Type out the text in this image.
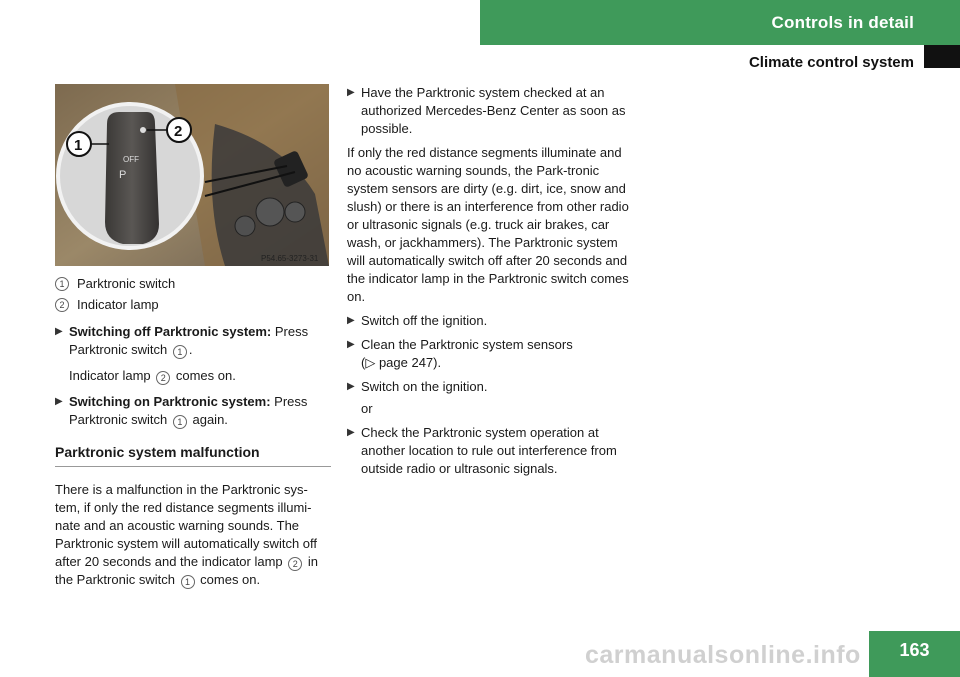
Controls in detail
Climate control system
OFF
P
1
2
P54.65-3273-31
1 Parktronic switch
2 Indicator lamp

▶ Switching off Parktronic system: Press Parktronic switch 1 .

Indicator lamp 2 comes on.

▶ Switching on Parktronic system: Press Parktronic switch 1 again.

Parktronic system malfunction

There is a malfunction in the Parktronic sys-tem, if only the red distance segments illumi-nate and an acoustic warning sounds. The Parktronic system will automatically switch off after 20 seconds and the indicator lamp 2 in the Parktronic switch 1 comes on.

▶ Have the Parktronic system checked at an authorized Mercedes-Benz Center as soon as possible.

If only the red distance segments illuminate and no acoustic warning sounds, the Park-tronic system sensors are dirty (e.g. dirt, ice, snow and slush) or there is an interference from other radio or ultrasonic signals (e.g. truck air brakes, car wash, or jackhammers). The Parktronic system will automatically switch off after 20 seconds and the indicator lamp in the Parktronic switch comes on.

▶ Switch off the ignition.

▶ Clean the Parktronic system sensors
(▷ page 247).

▶ Switch on the ignition.

or

▶ Check the Parktronic system operation at another location to rule out interference from outside radio or ultrasonic signals.

carmanualsonline.info	163
